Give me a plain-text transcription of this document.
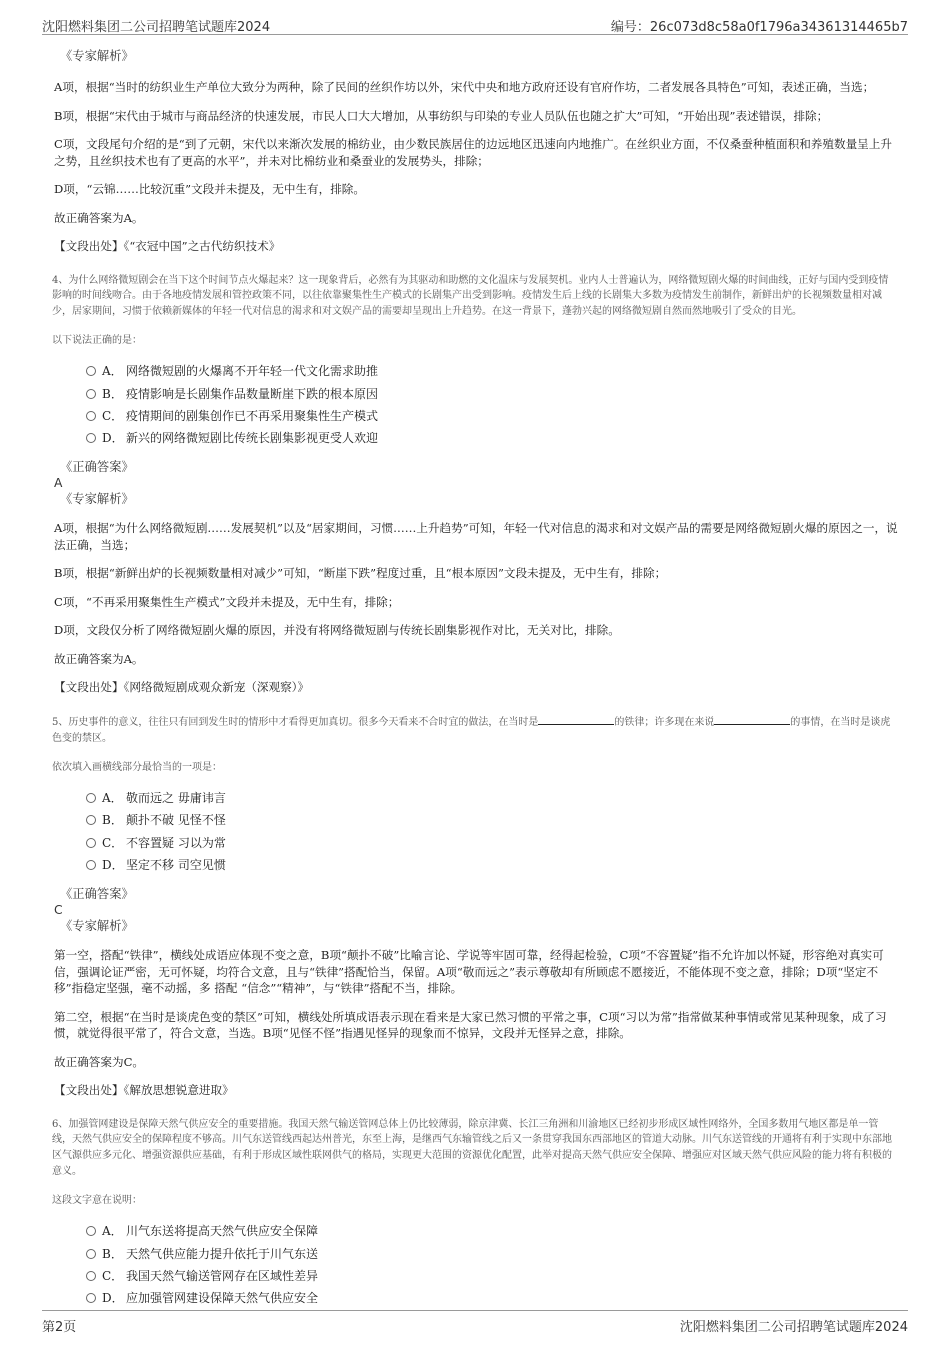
沈阳燃料集团二公司招聘笔试题库2024	编号：26c073d8c58a0f1796a34361314465b7
《专家解析》

A项，根据“当时的纺织业生产单位大致分为两种，除了民间的丝织作坊以外，宋代中央和地方政府还设有官府作坊，二者发展各具特色”可知，表述正确，当选；

B项，根据“宋代由于城市与商品经济的快速发展，市民人口大大增加，从事纺织与印染的专业人员队伍也随之扩大”可知，“开始出现”表述错误，排除；

C项，文段尾句介绍的是“到了元朝，宋代以来渐次发展的棉纺业，由少数民族居住的边远地区迅速向内地推广。在丝织业方面，不仅桑蚕种植面积和养殖数量呈上升之势，且丝织技术也有了更高的水平”，并未对比棉纺业和桑蚕业的发展势头，排除；

D项，“云锦……比较沉重”文段并未提及，无中生有，排除。

故正确答案为A。

【文段出处】《“衣冠中国”之古代纺织技术》

4、为什么网络微短剧会在当下这个时间节点火爆起来？这一现象背后，必然有为其驱动和助燃的文化温床与发展契机。业内人士普遍认为，网络微短剧火爆的时间曲线，正好与国内受到疫情影响的时间线吻合。由于各地疫情发展和管控政策不同，以往依靠聚集性生产模式的长剧集产出受到影响。疫情发生后上线的长剧集大多数为疫情发生前制作，新鲜出炉的长视频数量相对减少，居家期间，习惯于依赖新媒体的年轻一代对信息的渴求和对文娱产品的需要却呈现出上升趋势。在这一背景下，蓬勃兴起的网络微短剧自然而然地吸引了受众的目光。

以下说法正确的是：

A． 网络微短剧的火爆离不开年轻一代文化需求助推
B． 疫情影响是长剧集作品数量断崖下跌的根本原因
C． 疫情期间的剧集创作已不再采用聚集性生产模式
D． 新兴的网络微短剧比传统长剧集影视更受人欢迎
《正确答案》
A
《专家解析》

A项，根据“为什么网络微短剧……发展契机”以及“居家期间，习惯……上升趋势”可知，年轻一代对信息的渴求和对文娱产品的需要是网络微短剧火爆的原因之一，说法正确，当选；

B项，根据“新鲜出炉的长视频数量相对减少”可知，“断崖下跌”程度过重，且“根本原因”文段未提及，无中生有，排除；

C项，“不再采用聚集性生产模式”文段并未提及，无中生有，排除；

D项，文段仅分析了网络微短剧火爆的原因，并没有将网络微短剧与传统长剧集影视作对比，无关对比，排除。

故正确答案为A。

【文段出处】《网络微短剧成观众新宠（深观察）》

5、历史事件的意义，往往只有回到发生时的情形中才看得更加真切。很多今天看来不合时宜的做法，在当时是	的铁律；许多现在来说	的事情，在当时是谈虎色变的禁区。

依次填入画横线部分最恰当的一项是：

A． 敬而远之 毋庸讳言
B． 颠扑不破 见怪不怪
C． 不容置疑 习以为常
D． 坚定不移 司空见惯
《正确答案》
C
《专家解析》

第一空，搭配“铁律”，横线处成语应体现不变之意，B项“颠扑不破”比喻言论、学说等牢固可靠，经得起检验，C项“不容置疑”指不允许加以怀疑，形容绝对真实可信，强调论证严密，无可怀疑，均符合文意，且与“铁律”搭配恰当，保留。A项“敬而远之”表示尊敬却有所顾虑不愿接近，不能体现不变之意，排除；D项“坚定不移”指稳定坚强，毫不动摇，多 搭配 “信念”“精神”，与“铁律”搭配不当，排除。

第二空，根据“在当时是谈虎色变的禁区”可知，横线处所填成语表示现在看来是大家已然习惯的平常之事，C项“习以为常”指常做某种事情或常见某种现象，成了习惯，就觉得很平常了，符合文意，当选。B项“见怪不怪”指遇见怪异的现象而不惊异，文段并无怪异之意，排除。

故正确答案为C。

【文段出处】《解放思想锐意进取》

6、加强管网建设是保障天然气供应安全的重要措施。我国天然气输送管网总体上仍比较薄弱，除京津冀、长江三角洲和川渝地区已经初步形成区域性网络外，全国多数用气地区都是单一管线，天然气供应安全的保障程度不够高。川气东送管线西起达州普光，东至上海，是继西气东输管线之后又一条贯穿我国东西部地区的管道大动脉。川气东送管线的开通将有利于实现中东部地区气源供应多元化、增强资源供应基础，有利于形成区域性联网供气的格局，实现更大范围的资源优化配置，此举对提高天然气供应安全保障、增强应对区域天然气供应风险的能力将有积极的意义。

这段文字意在说明：

A． 川气东送将提高天然气供应安全保障
B． 天然气供应能力提升依托于川气东送
C． 我国天然气输送管网存在区域性差异
D． 应加强管网建设保障天然气供应安全
第2页	沈阳燃料集团二公司招聘笔试题库2024
